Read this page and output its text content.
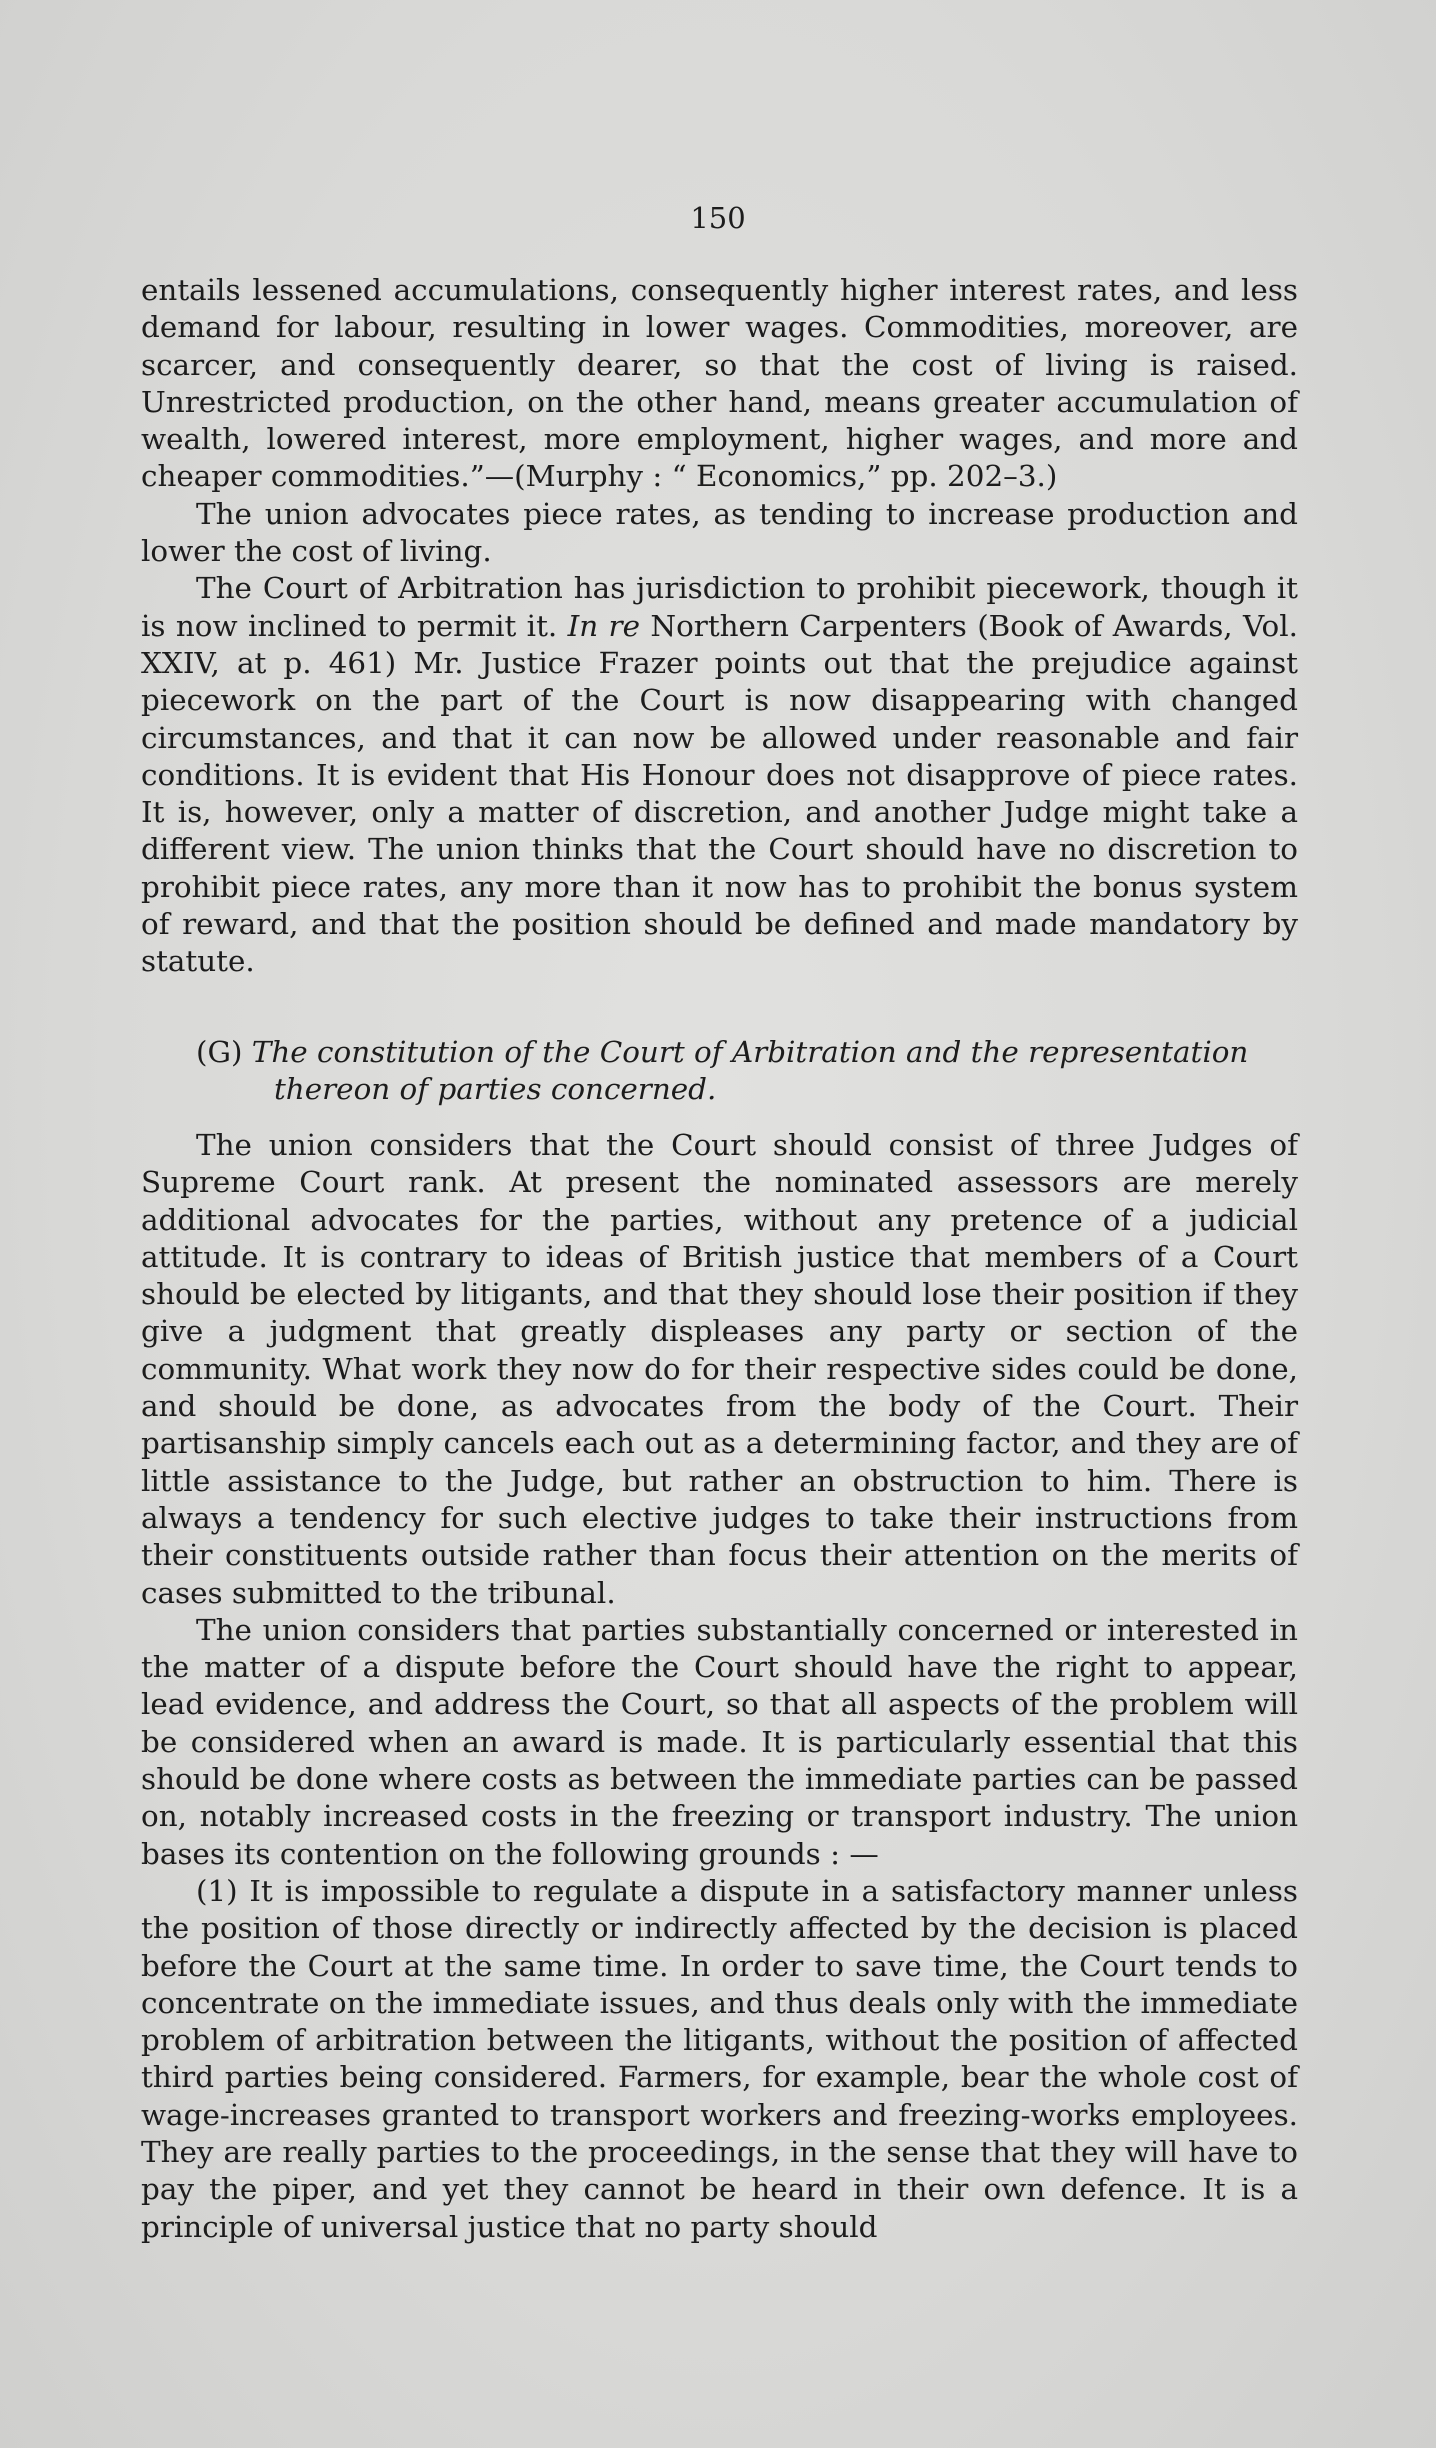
150

entails lessened accumulations, consequently higher interest rates, and less demand for labour, resulting in lower wages. Commodities, moreover, are scarcer, and consequently dearer, so that the cost of living is raised. Unrestricted production, on the other hand, means greater accumulation of wealth, lowered interest, more employment, higher wages, and more and cheaper commodities.”—(Murphy : “ Economics,” pp. 202–3.)

The union advocates piece rates, as tending to increase production and lower the cost of living.

The Court of Arbitration has jurisdiction to prohibit piecework, though it is now inclined to permit it. In re Northern Carpenters (Book of Awards, Vol. XXIV, at p. 461) Mr. Justice Frazer points out that the prejudice against piecework on the part of the Court is now disappearing with changed circumstances, and that it can now be allowed under reasonable and fair conditions. It is evident that His Honour does not disapprove of piece rates. It is, however, only a matter of discretion, and another Judge might take a different view. The union thinks that the Court should have no discretion to prohibit piece rates, any more than it now has to prohibit the bonus system of reward, and that the position should be defined and made mandatory by statute.

(G) The constitution of the Court of Arbitration and the representation
thereon of parties concerned.

The union considers that the Court should consist of three Judges of Supreme Court rank. At present the nominated assessors are merely additional advocates for the parties, without any pretence of a judicial attitude. It is contrary to ideas of British justice that members of a Court should be elected by litigants, and that they should lose their position if they give a judgment that greatly displeases any party or section of the community. What work they now do for their respective sides could be done, and should be done, as advocates from the body of the Court. Their partisanship simply cancels each out as a determining factor, and they are of little assistance to the Judge, but rather an obstruction to him. There is always a tendency for such elective judges to take their instructions from their constituents outside rather than focus their attention on the merits of cases submitted to the tribunal.

The union considers that parties substantially concerned or interested in the matter of a dispute before the Court should have the right to appear, lead evidence, and address the Court, so that all aspects of the problem will be considered when an award is made. It is particularly essential that this should be done where costs as between the immediate parties can be passed on, notably increased costs in the freezing or transport industry. The union bases its contention on the following grounds : —

(1) It is impossible to regulate a dispute in a satisfactory manner unless the position of those directly or indirectly affected by the decision is placed before the Court at the same time. In order to save time, the Court tends to concentrate on the immediate issues, and thus deals only with the immediate problem of arbitration between the litigants, without the position of affected third parties being considered. Farmers, for example, bear the whole cost of wage-increases granted to transport workers and freezing-works employees. They are really parties to the proceedings, in the sense that they will have to pay the piper, and yet they cannot be heard in their own defence. It is a principle of universal justice that no party should
